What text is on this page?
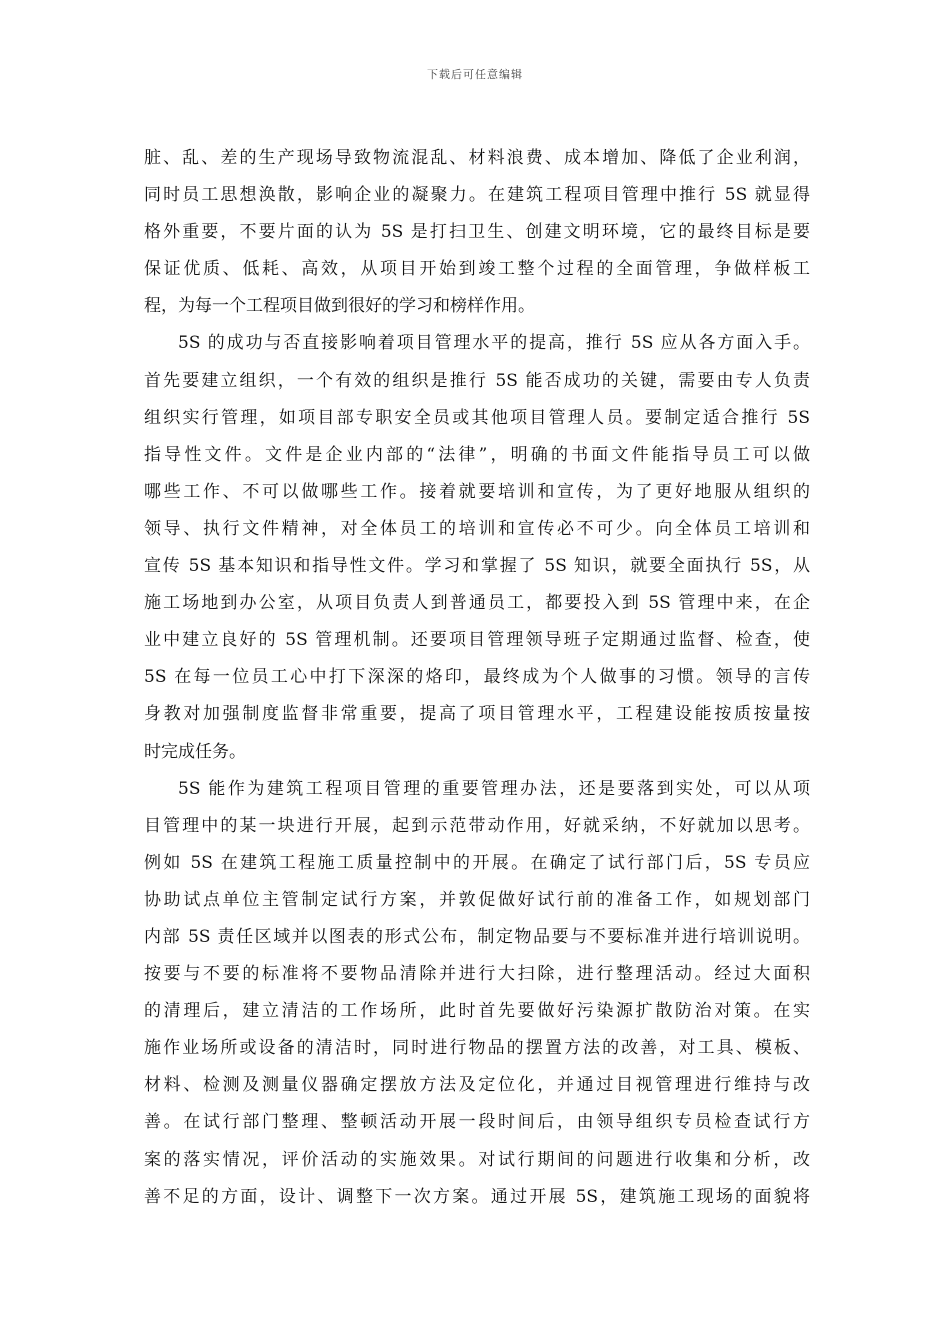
下载后可任意编辑
脏、乱、差的生产现场导致物流混乱、材料浪费、成本增加、降低了企业利润，
同时员工思想涣散，影响企业的凝聚力。在建筑工程项目管理中推行 5S 就显得
格外重要，不要片面的认为 5S 是打扫卫生、创建文明环境，它的最终目标是要
保证优质、低耗、高效，从项目开始到竣工整个过程的全面管理，争做样板工
程，为每一个工程项目做到很好的学习和榜样作用。
5S 的成功与否直接影响着项目管理水平的提高，推行 5S 应从各方面入手。
首先要建立组织，一个有效的组织是推行 5S 能否成功的关键，需要由专人负责
组织实行管理，如项目部专职安全员或其他项目管理人员。要制定适合推行 5S
指导性文件。文件是企业内部的“法律”，明确的书面文件能指导员工可以做
哪些工作、不可以做哪些工作。接着就要培训和宣传，为了更好地服从组织的
领导、执行文件精神，对全体员工的培训和宣传必不可少。向全体员工培训和
宣传 5S 基本知识和指导性文件。学习和掌握了 5S 知识，就要全面执行 5S，从
施工场地到办公室，从项目负责人到普通员工，都要投入到 5S 管理中来，在企
业中建立良好的 5S 管理机制。还要项目管理领导班子定期通过监督、检查，使
5S 在每一位员工心中打下深深的烙印，最终成为个人做事的习惯。领导的言传
身教对加强制度监督非常重要，提高了项目管理水平，工程建设能按质按量按
时完成任务。
5S 能作为建筑工程项目管理的重要管理办法，还是要落到实处，可以从项
目管理中的某一块进行开展，起到示范带动作用，好就采纳，不好就加以思考。
例如 5S 在建筑工程施工质量控制中的开展。在确定了试行部门后，5S 专员应
协助试点单位主管制定试行方案，并敦促做好试行前的准备工作，如规划部门
内部 5S 责任区域并以图表的形式公布，制定物品要与不要标准并进行培训说明。
按要与不要的标准将不要物品清除并进行大扫除，进行整理活动。经过大面积
的清理后，建立清洁的工作场所，此时首先要做好污染源扩散防治对策。在实
施作业场所或设备的清洁时，同时进行物品的摆置方法的改善，对工具、模板、
材料、检测及测量仪器确定摆放方法及定位化，并通过目视管理进行维持与改
善。在试行部门整理、整顿活动开展一段时间后，由领导组织专员检查试行方
案的落实情况，评价活动的实施效果。对试行期间的问题进行收集和分析，改
善不足的方面，设计、调整下一次方案。通过开展 5S，建筑施工现场的面貌将
